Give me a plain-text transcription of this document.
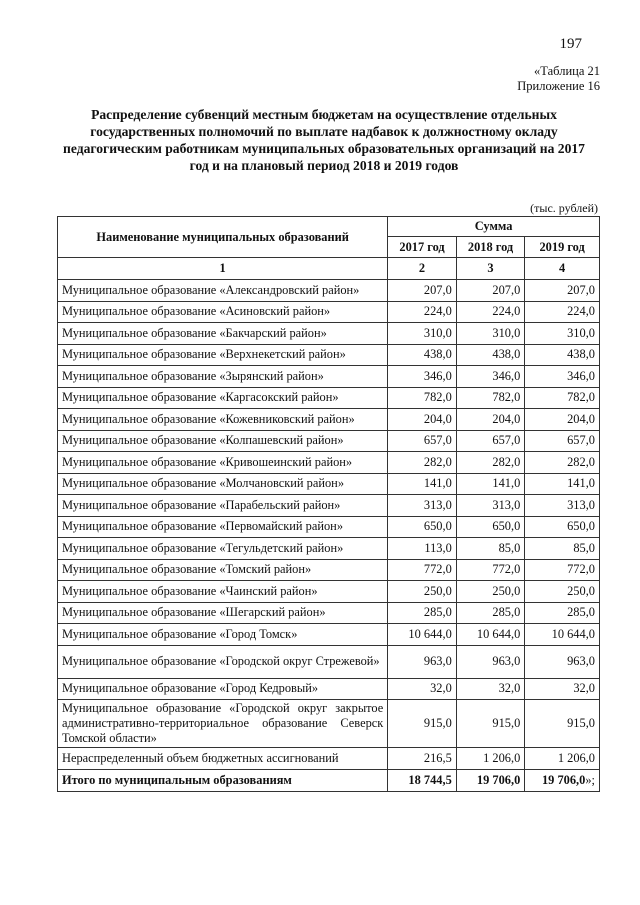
197
«Таблица 21
Приложение 16
Распределение субвенций местным бюджетам на осуществление отдельных государственных полномочий по выплате надбавок к должностному окладу педагогическим работникам муниципальных образовательных организаций на 2017 год и на плановый период 2018 и 2019 годов
(тыс. рублей)
Наименование муниципальных образований	Сумма		
	2017 год	2018 год	2019 год
1	2	3	4
Муниципальное образование «Александровский район»	207,0	207,0	207,0
Муниципальное образование «Асиновский район»	224,0	224,0	224,0
Муниципальное образование «Бакчарский район»	310,0	310,0	310,0
Муниципальное образование «Верхнекетский район»	438,0	438,0	438,0
Муниципальное образование «Зырянский район»	346,0	346,0	346,0
Муниципальное образование «Каргасокский район»	782,0	782,0	782,0
Муниципальное образование «Кожевниковский район»	204,0	204,0	204,0
Муниципальное образование «Колпашевский район»	657,0	657,0	657,0
Муниципальное образование «Кривошеинский район»	282,0	282,0	282,0
Муниципальное образование «Молчановский район»	141,0	141,0	141,0
Муниципальное образование «Парабельский район»	313,0	313,0	313,0
Муниципальное образование «Первомайский район»	650,0	650,0	650,0
Муниципальное образование «Тегульдетский район»	113,0	85,0	85,0
Муниципальное образование «Томский район»	772,0	772,0	772,0
Муниципальное образование «Чаинский район»	250,0	250,0	250,0
Муниципальное образование «Шегарский район»	285,0	285,0	285,0
Муниципальное образование «Город Томск»	10 644,0	10 644,0	10 644,0
Муниципальное образование «Городской округ Стрежевой»	963,0	963,0	963,0
Муниципальное образование «Город Кедровый»	32,0	32,0	32,0
Муниципальное образование «Городской округ закрытое административно-территориальное образование Северск Томской области»	915,0	915,0	915,0
Нераспределенный объем бюджетных ассигнований	216,5	1 206,0	1 206,0
Итого по муниципальным образованиям	18 744,5	19 706,0	19 706,0»;
